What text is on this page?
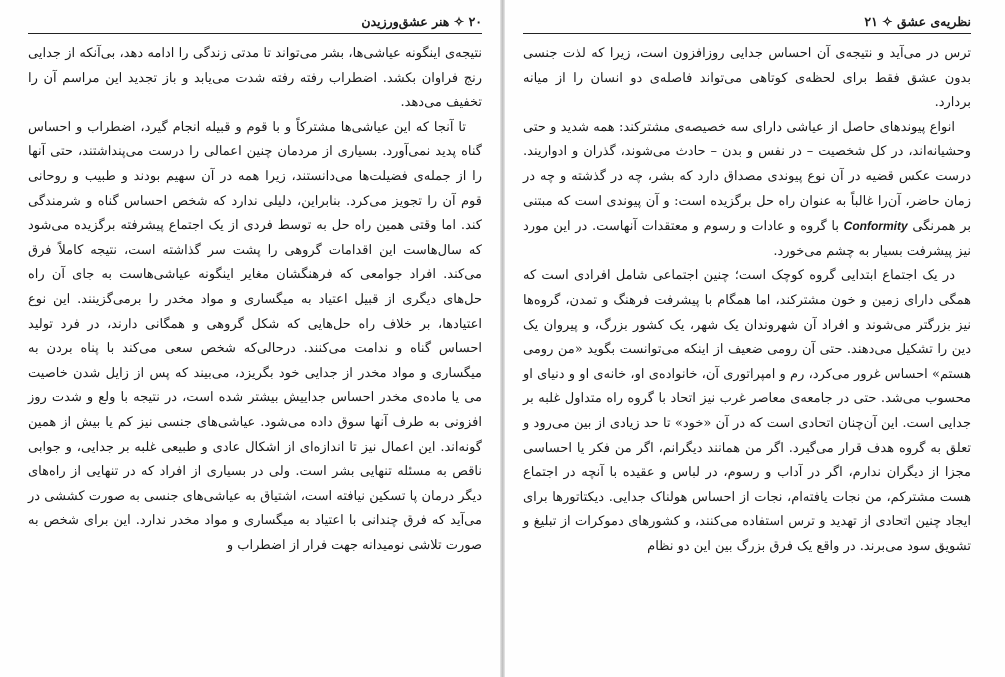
۲۰ ✧ هنر عشق‌ورزیدن

نتیجه‌ی اینگونه عیاشی‌ها، بشر می‌تواند تا مدتی زندگی را ادامه دهد، بی‌آنکه از جدایی رنج فراوان بکشد. اضطراب رفته رفته شدت می‌یابد و باز تجدید این مراسم آن را تخفیف می‌دهد.

تا آنجا که این عیاشی‌ها مشترکاً و با قوم و قبیله انجام گیرد، اضطراب و احساس گناه پدید نمی‌آورد. بسیاری از مردمان چنین اعمالی را درست می‌پنداشتند، حتی آنها را از جمله‌ی فضیلت‌ها می‌دانستند، زیرا همه در آن سهیم بودند و طبیب و روحانی قوم آن را تجویز می‌کرد. بنابراین، دلیلی ندارد که شخص احساس گناه و شرمندگی کند. اما وقتی همین راه حل به توسط فردی از یک اجتماع پیشرفته برگزیده می‌شود که سال‌هاست این اقدامات گروهی را پشت سر گذاشته است، نتیجه کاملاً فرق می‌کند. افراد جوامعی که فرهنگشان مغایر اینگونه عیاشی‌هاست به جای آن راه حل‌های دیگری از قبیل اعتیاد به میگساری و مواد مخدر را برمی‌گزینند. این نوع اعتیادها، بر خلاف راه حل‌هایی که شکل گروهی و همگانی دارند، در فرد تولید احساس گناه و ندامت می‌کنند. درحالی‌که شخص سعی می‌کند با پناه بردن به میگساری و مواد مخدر از جدایی خود بگریزد، می‌بیند که پس از زایل شدن خاصیت می یا ماده‌ی مخدر احساس جداییش بیشتر شده است، در نتیجه با ولع و شدت روز افزونی به طرف آنها سوق داده می‌شود. عیاشی‌های جنسی نیز کم یا بیش از همین گونه‌اند. این اعمال نیز تا اندازه‌ای از اشکال عادی و طبیعی غلبه بر جدایی، و جوابی ناقص به مسئله تنهایی بشر است. ولی در بسیاری از افراد که در تنهایی از راه‌های دیگر درمان پا تسکین نیافته است، اشتیاق به عیاشی‌های جنسی به صورت کششی در می‌آید که فرق چندانی با اعتیاد به میگساری و مواد مخدر ندارد. این برای شخص به صورت تلاشی نومیدانه جهت فرار از اضطراب و

نظریه‌ی عشق ✧ ۲۱

ترس در می‌آید و نتیجه‌ی آن احساس جدایی روزافزون است، زیرا که لذت جنسی بدون عشق فقط برای لحظه‌ی کوتاهی می‌تواند فاصله‌ی دو انسان را از میانه بردارد.

انواع پیوندهای حاصل از عیاشی دارای سه خصیصه‌ی مشترکند: همه شدید و حتی وحشیانه‌اند، در کل شخصیت – در نفس و بدن – حادث می‌شوند، گذران و ادواریند. درست عکس قضیه در آن نوع پیوندی مصداق دارد که بشر، چه در گذشته و چه در زمان حاضر، آن‌را غالباً به عنوان راه حل برگزیده است: و آن پیوندی است که مبتنی بر همرنگی Conformity با گروه و عادات و رسوم و معتقدات آنهاست. در این مورد نیز پیشرفت بسیار به چشم می‌خورد.

در یک اجتماع ابتدایی گروه کوچک است؛ چنین اجتماعی شامل افرادی است که همگی دارای زمین و خون مشترکند، اما همگام با پیشرفت فرهنگ و تمدن، گروه‌ها نیز بزرگتر می‌شوند و افراد آن شهروندان یک شهر، یک کشور بزرگ، و پیروان یک دین را تشکیل می‌دهند. حتی آن رومی ضعیف از اینکه می‌توانست بگوید «من رومی هستم» احساس غرور می‌کرد، رم و امپراتوری آن، خانواده‌ی او، خانه‌ی او و دنیای او محسوب می‌شد. حتی در جامعه‌ی معاصر غرب نیز اتحاد با گروه راه متداول غلبه بر جدایی است. این آن‌چنان اتحادی است که در آن «خود» تا حد زیادی از بین می‌رود و تعلق به گروه هدف قرار می‌گیرد. اگر من همانند دیگرانم، اگر من فکر یا احساسی مجزا از دیگران ندارم، اگر در آداب و رسوم، در لباس و عقیده با آنچه در اجتماع هست مشترکم، من نجات یافته‌ام، نجات از احساس هولناک جدایی. دیکتاتورها برای ایجاد چنین اتحادی از تهدید و ترس استفاده می‌کنند، و کشورهای دموکرات از تبلیغ و تشویق سود می‌برند. در واقع یک فرق بزرگ بین این دو نظام
